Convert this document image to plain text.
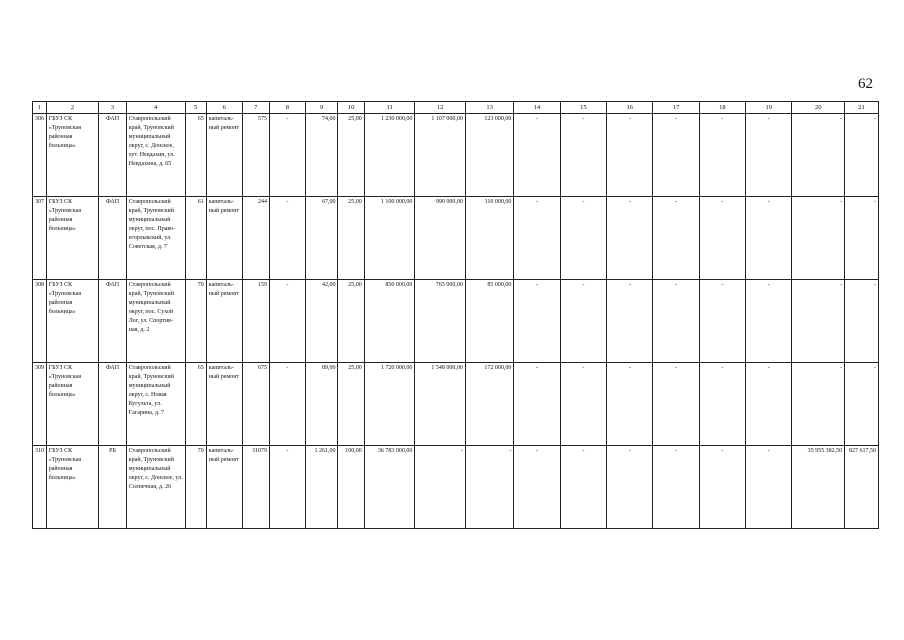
62
1	2	3	4	5	6	7	8	9	10	11	12	13	14	15	16	17	18	19	20	21
306	ГБУЗ СК «Труновская районная больница»	ФАП	Ставропольский край, Труновский муниципальный округ, с. Донское, хут. Невдахин, ул. Невдахина, д. 65	65	капиталь-ный ремонт	575	-	74,00	25,00	1 230 000,00	1 107 000,00	123 000,00	-	-	-	-	-	-	-	-
307	ГБУЗ СК «Труновская районная больница»	ФАП	Ставропольский край, Труновский муниципальный округ, пос. Право-егорлыкский, ул. Советская, д. 7	61	капиталь-ный ремонт	244	-	67,00	25,00	1 100 000,00	990 000,00	110 000,00	-	-	-	-	-	-	-	-
308	ГБУЗ СК «Труновская районная больница»	ФАП	Ставропольский край, Труновский муниципальный округ, пос. Сухой Лог, ул. Спортив-ная, д. 2	70	капиталь-ный ремонт	159	-	42,00	25,00	850 000,00	765 000,00	85 000,00	-	-	-	-	-	-	-	-
309	ГБУЗ СК «Труновская районная больница»	ФАП	Ставропольский край, Труновский муниципальный округ, с. Новая Кугульта, ул. Гагарина, д. 7	65	капиталь-ный ремонт	675	-	89,00	25,00	1 720 000,00	1 548 000,00	172 000,00	-	-	-	-	-	-	-	-
310	ГБУЗ СК «Труновская районная больница»	РБ	Ставропольский край, Труновский муниципальный округ, с. Донское, ул. Солнечная, д. 26	70	капиталь-ный ремонт	31079	-	1 261,00	100,00	36 783 000,00	-	-	-	-	-	-	-	-	35 955 382,50	827 617,50
